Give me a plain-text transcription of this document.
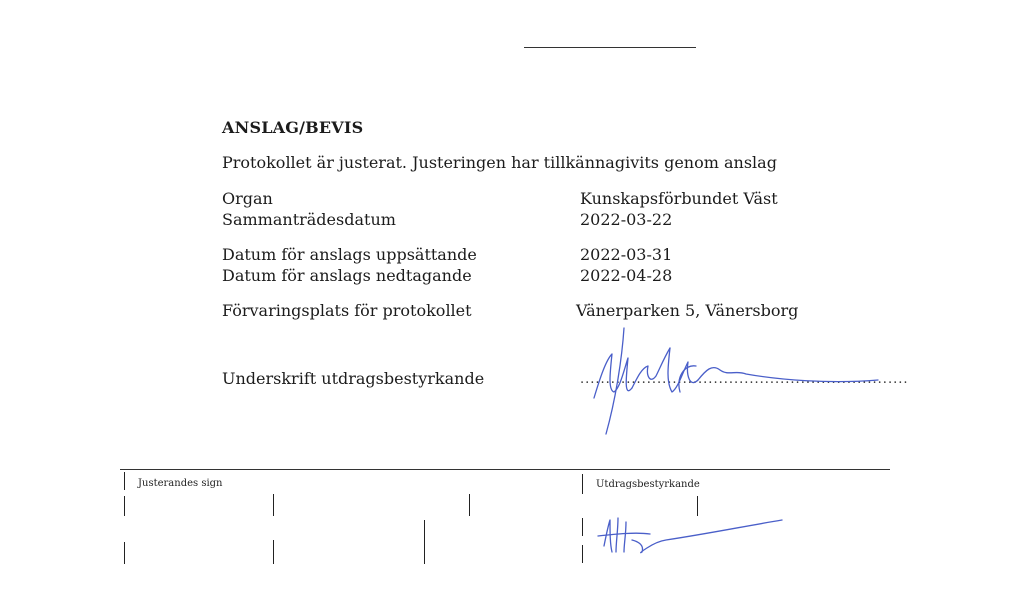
ANSLAG/BEVIS
Protokollet är justerat. Justeringen har tillkännagivits genom anslag
Organ
Sammanträdesdatum
Datum för anslags uppsättande
Datum för anslags nedtagande
Förvaringsplats för protokollet
Kunskapsförbundet Väst
2022-03-22
2022-03-31
2022-04-28
Vänerparken 5, Vänersborg
Underskrift utdragsbestyrkande	................................................................
Justerandes sign	Utdragsbestyrkande
